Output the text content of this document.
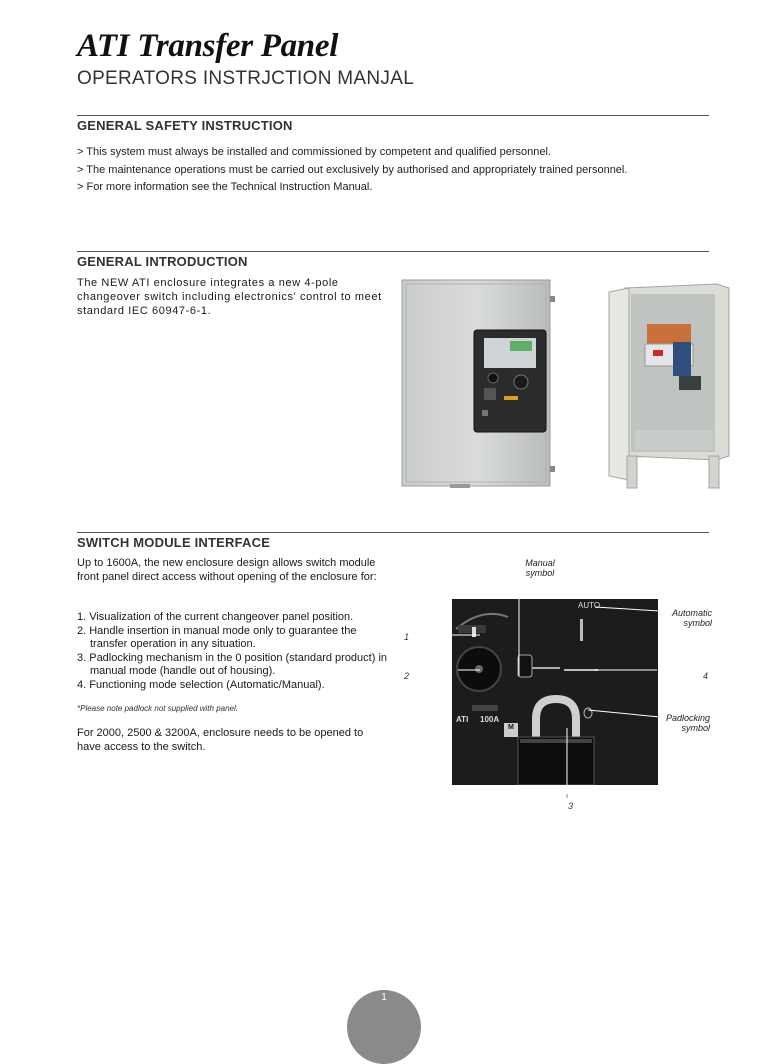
ATI Transfer Panel

OPERATORS INSTRJCTION MANJAL

GENERAL SAFETY INSTRUCTION
> This system must always be installed and commissioned by competent and qualified personnel.
> The maintenance operations must be carried out exclusively by authorised and appropriately trained personnel.
> For more information see the Technical Instruction Manual.
GENERAL INTRODUCTION

The NEW ATI enclosure integrates a new 4-pole changeover switch including electronics' control to meet standard IEC 60947-6-1.

SWITCH MODULE INTERFACE

Up to 1600A, the new enclosure design allows switch module front panel direct access without opening of the enclosure for:

1. Visualization of the current changeover panel position.
2. Handle insertion in manual mode only to guarantee the transfer operation in any situation.
3. Padlocking mechanism in the 0 position (standard product) in manual mode (handle out of housing).
4. Functioning mode selection (Automatic/Manual).

*Please note padlock not supplied with panel.

For 2000, 2500 & 3200A, enclosure needs to be opened to have access to the switch.

AUTO
ATI 100A
M
Manual symbol
Automatic symbol
Padlocking symbol
1
2
3
4
1
